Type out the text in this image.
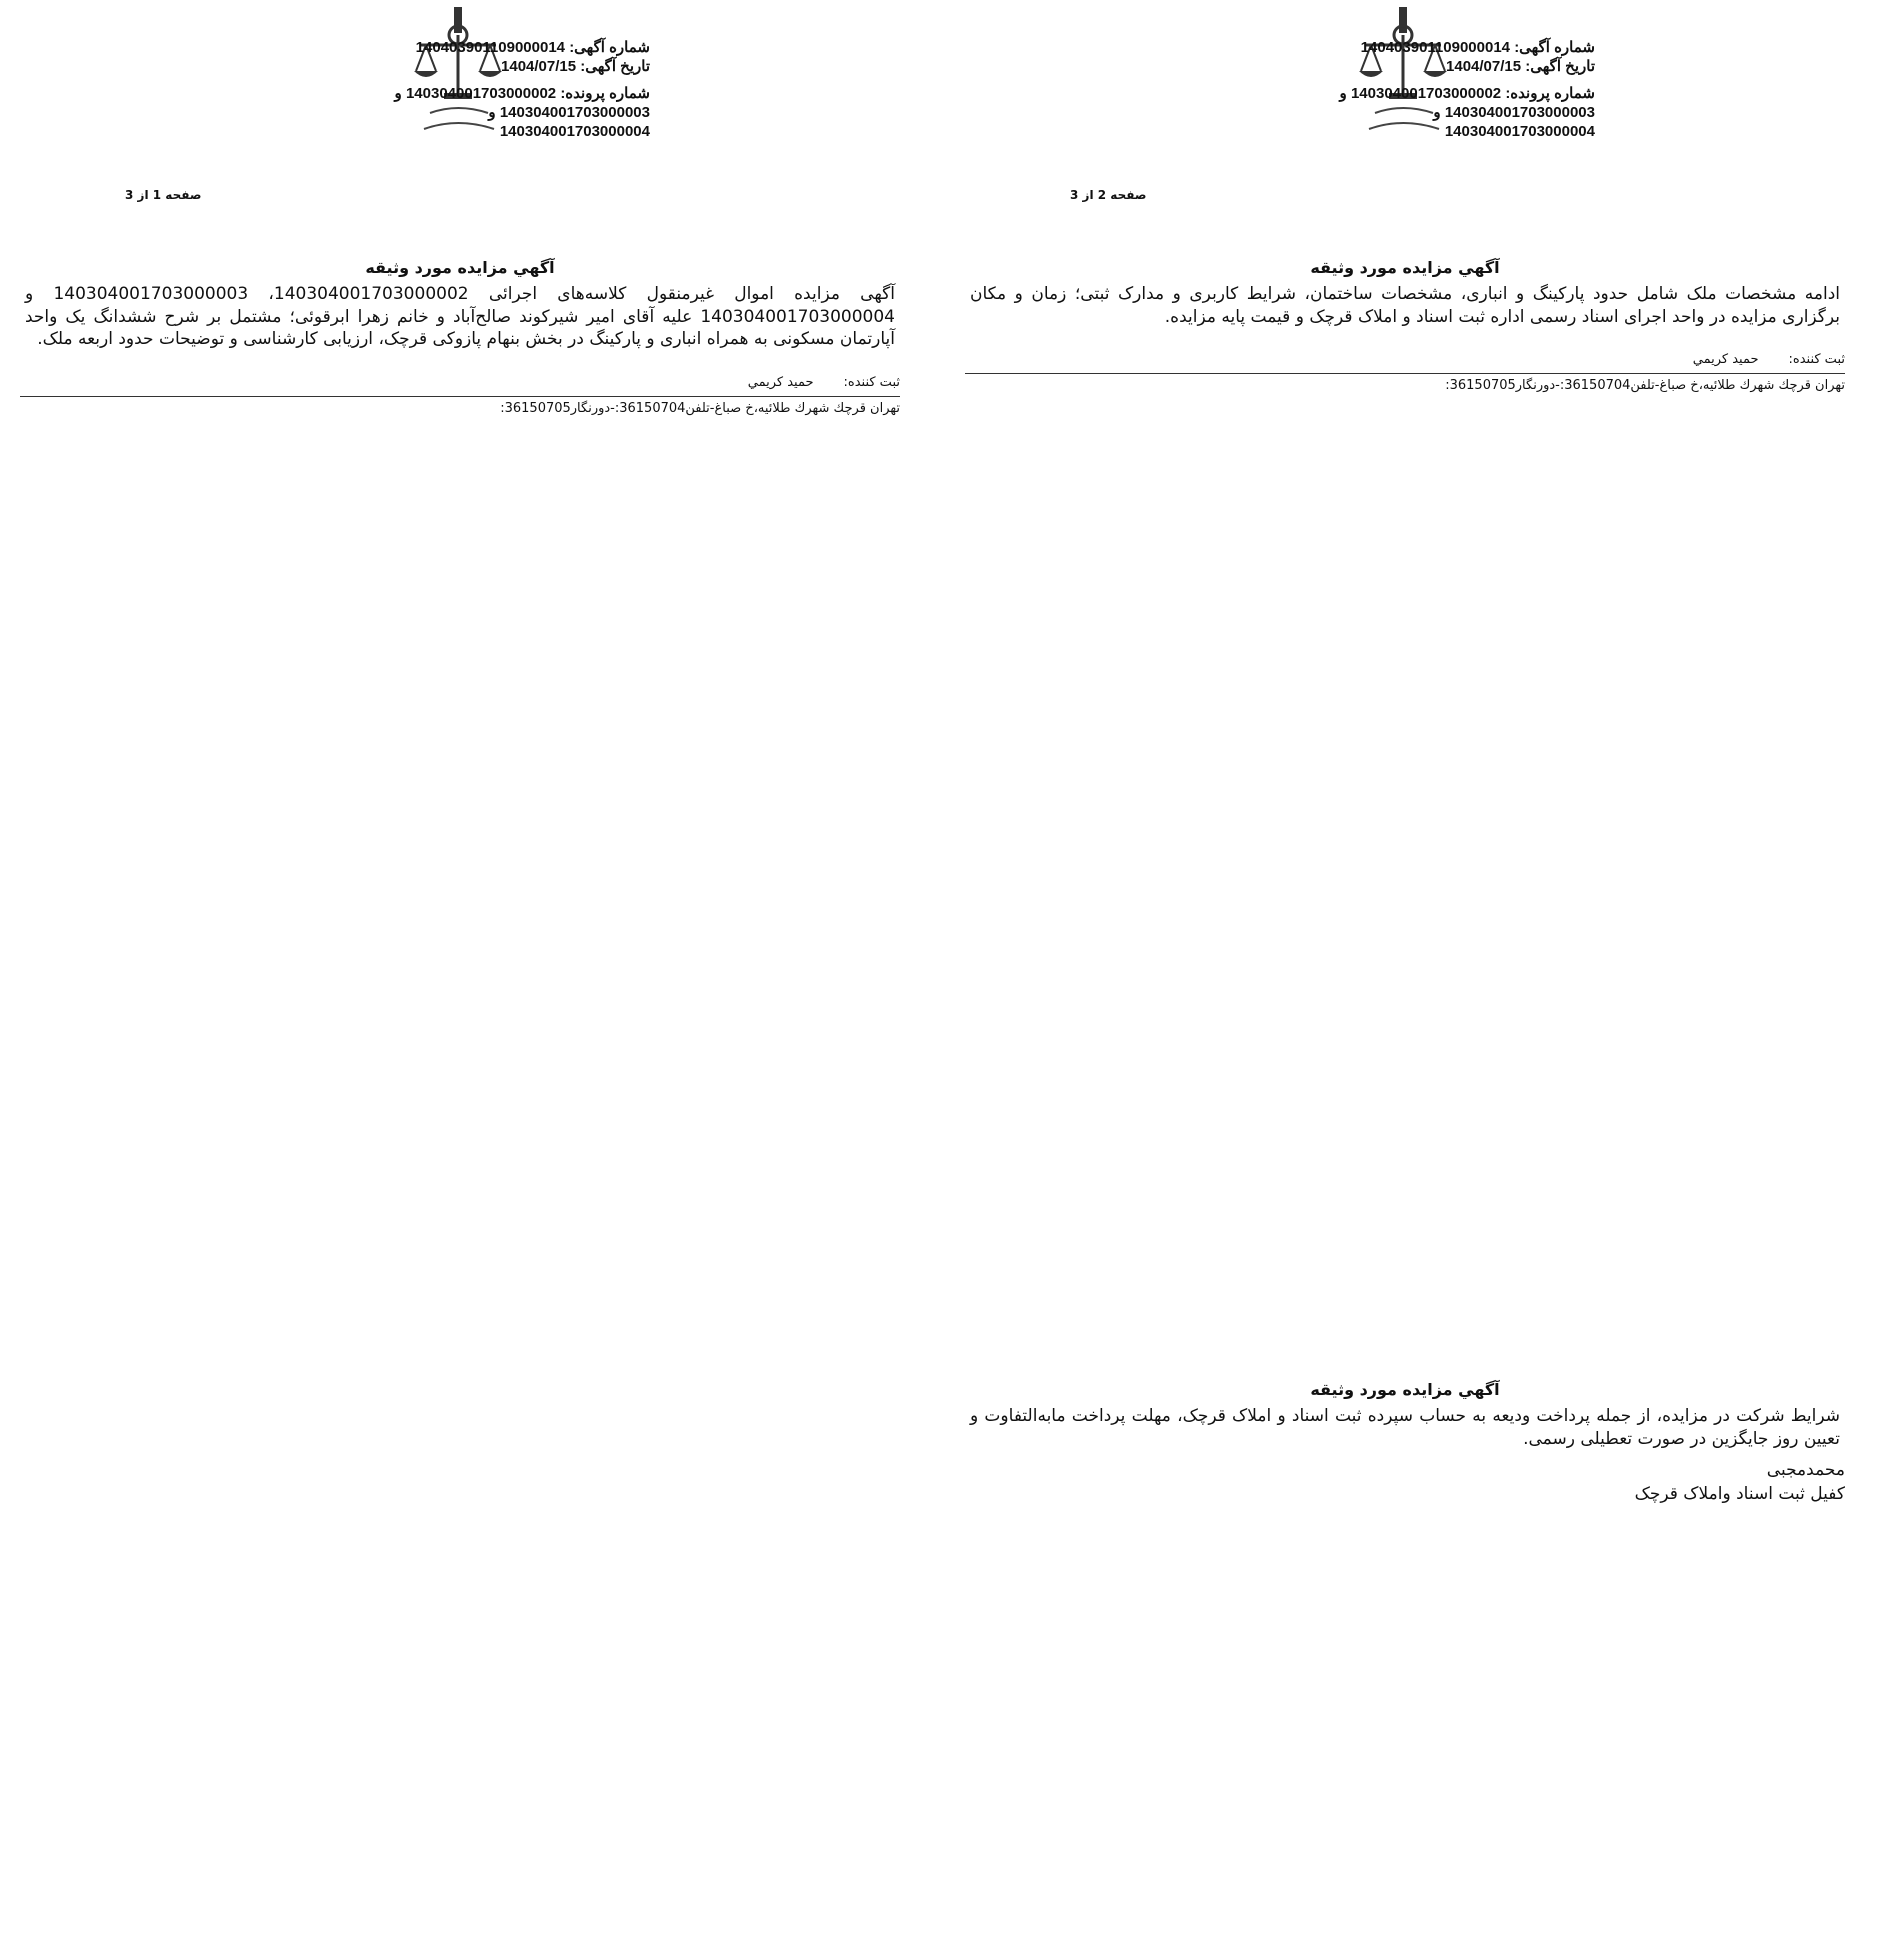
شماره آگهی: 140403901109000014
تاریخ آگهی: 1404/07/15
شماره پرونده: 140304001703000002 و
140304001703000003 و
140304001703000004
صفحه 1 از 3
آگهي مزايده مورد وثيقه
آگهی مزایده اموال غیرمنقول کلاسه‌های اجرائی 140304001703000002، 140304001703000003 و 140304001703000004 علیه آقای امیر شیرکوند صالح‌آباد و خانم زهرا ابرقوئی؛ مشتمل بر شرح ششدانگ یک واحد آپارتمان مسکونی به همراه انباری و پارکینگ در بخش بنهام پازوکی قرچک، ارزیابی کارشناسی و توضیحات حدود اربعه ملک.
ثبت کننده:
حمید کریمي
تهران قرچك شهرك طلائيه،خ صباغ-تلفن36150704:-دورنگار36150705:
شماره آگهی: 140403901109000014
تاریخ آگهی: 1404/07/15
شماره پرونده: 140304001703000002 و
140304001703000003 و
140304001703000004
صفحه 2 از 3
آگهي مزايده مورد وثيقه
ادامه مشخصات ملک شامل حدود پارکینگ و انباری، مشخصات ساختمان، شرایط کاربری و مدارک ثبتی؛ زمان و مکان برگزاری مزایده در واحد اجرای اسناد رسمی اداره ثبت اسناد و املاک قرچک و قیمت پایه مزایده.
ثبت کننده:
حمید کریمي
تهران قرچك شهرك طلائيه،خ صباغ-تلفن36150704:-دورنگار36150705:
آگهي مزايده مورد وثيقه
شرایط شرکت در مزایده، از جمله پرداخت ودیعه به حساب سپرده ثبت اسناد و املاک قرچک، مهلت پرداخت مابه‌التفاوت و تعیین روز جایگزین در صورت تعطیلی رسمی.
محمدمجبی
کفیل ثبت اسناد واملاک قرچک
